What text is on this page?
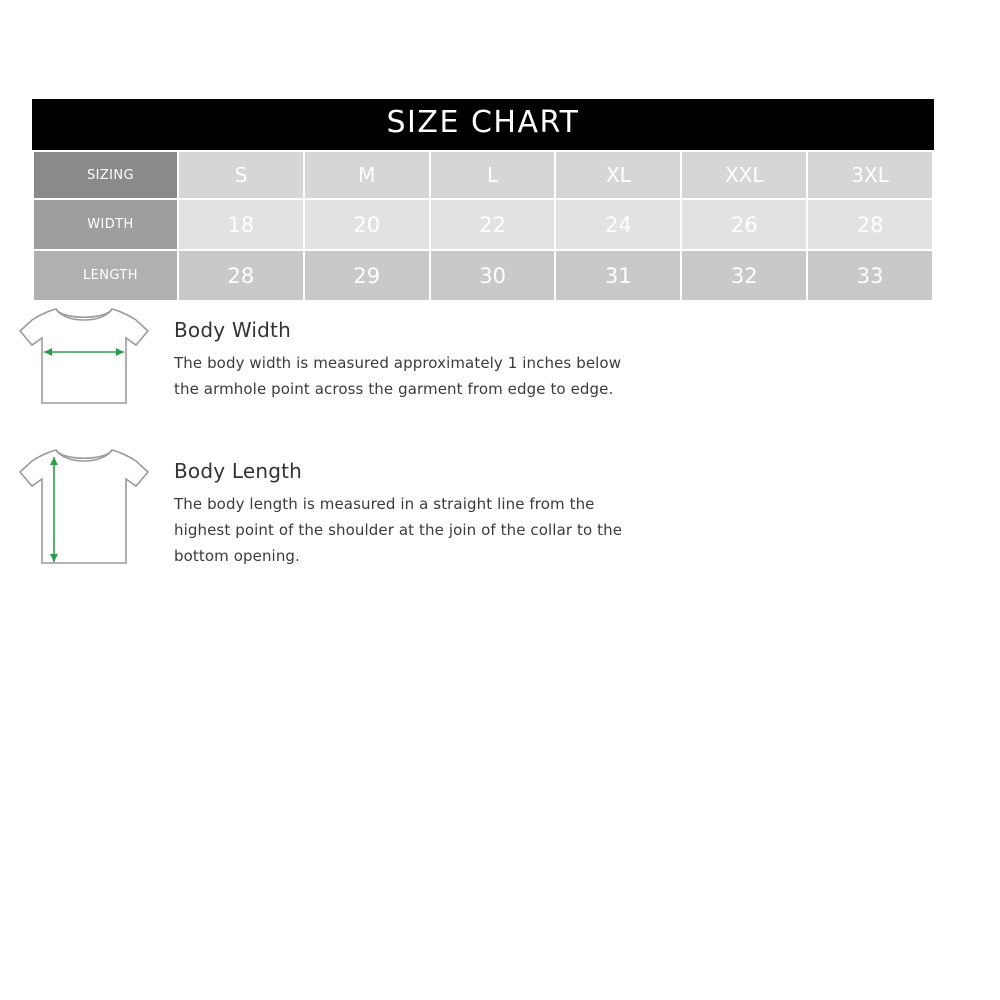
SIZE CHART
SIZING	S	M	L	XL	XXL	3XL
WIDTH	18	20	22	24	26	28
LENGTH	28	29	30	31	32	33

Body Width

The body width is measured approximately 1 inches below the armhole point across the garment from edge to edge.

Body Length

The body length is measured in a straight line from the highest point of the shoulder at the join of the collar to the bottom opening.
